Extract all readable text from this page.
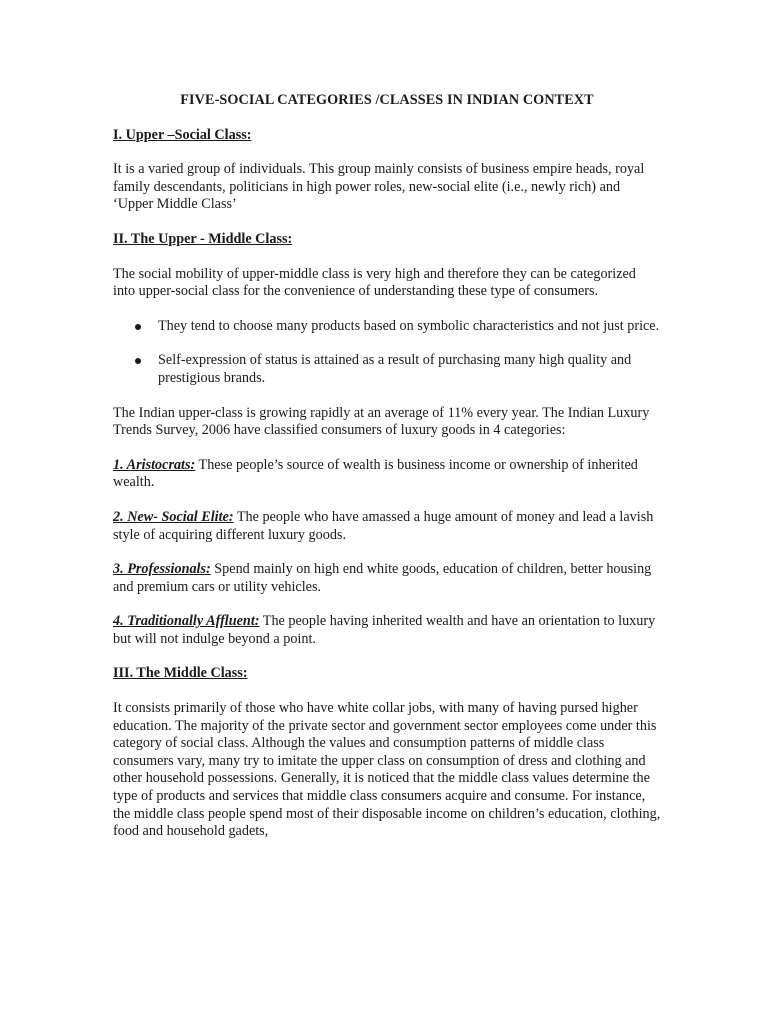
FIVE-SOCIAL CATEGORIES /CLASSES IN INDIAN CONTEXT
I. Upper –Social Class:

It is a varied group of individuals. This group mainly consists of business empire heads, royal family descendants, politicians in high power roles, new-social elite (i.e., newly rich) and ‘Upper Middle Class’

II. The Upper - Middle Class:

The social mobility of upper-middle class is very high and therefore they can be categorized into upper-social class for the convenience of understanding these type of consumers.

They tend to choose many products based on symbolic characteristics and not just price.
Self-expression of status is attained as a result of purchasing many high quality and prestigious brands.

The Indian upper-class is growing rapidly at an average of 11% every year. The Indian Luxury Trends Survey, 2006 have classified consumers of luxury goods in 4 categories:

1. Aristocrats: These people’s source of wealth is business income or ownership of inherited wealth.

2. New- Social Elite: The people who have amassed a huge amount of money and lead a lavish style of acquiring different luxury goods.

3. Professionals: Spend mainly on high end white goods, education of children, better housing and premium cars or utility vehicles.

4. Traditionally Affluent: The people having inherited wealth and have an orientation to luxury but will not indulge beyond a point.

III. The Middle Class:

It consists primarily of those who have white collar jobs, with many of having pursed higher education. The majority of the private sector and government sector employees come under this category of social class. Although the values and consumption patterns of middle class consumers vary, many try to imitate the upper class on consumption of dress and clothing and other household possessions. Generally, it is noticed that the middle class values determine the type of products and services that middle class consumers acquire and consume. For instance, the middle class people spend most of their disposable income on children’s education, clothing, food and household gadets,
